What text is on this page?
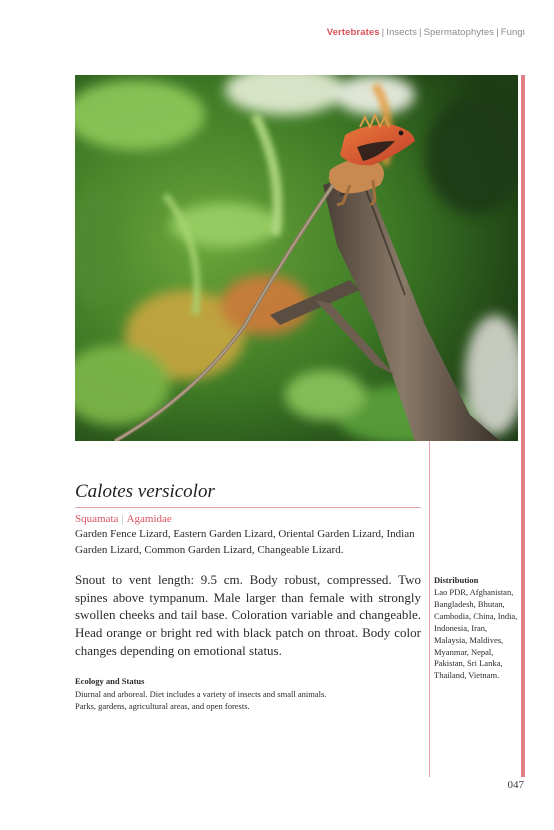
Vertebrates | Insects | Spermatophytes | Fungi
Calotes versicolor
Squamata | Agamidae
Garden Fence Lizard, Eastern Garden Lizard, Oriental Garden Lizard, Indian Garden Lizard, Common Garden Lizard, Changeable Lizard.
Snout to vent length: 9.5 cm. Body robust, compressed. Two spines above tympanum. Male larger than female with strongly swollen cheeks and tail base. Coloration variable and changeable. Head orange or bright red with black patch on throat. Body color changes depending on emotional status.
Ecology and Status
Diurnal and arboreal. Diet includes a variety of insects and small animals.
Parks, gardens, agricultural areas, and open forests.
Distribution
Lao PDR, Afghanistan, Bangladesh, Bhutan, Cambodia, China, India, Indonesia, Iran, Malaysia, Maldives, Myanmar, Nepal, Pakistan, Sri Lanka, Thailand, Vietnam.
047
